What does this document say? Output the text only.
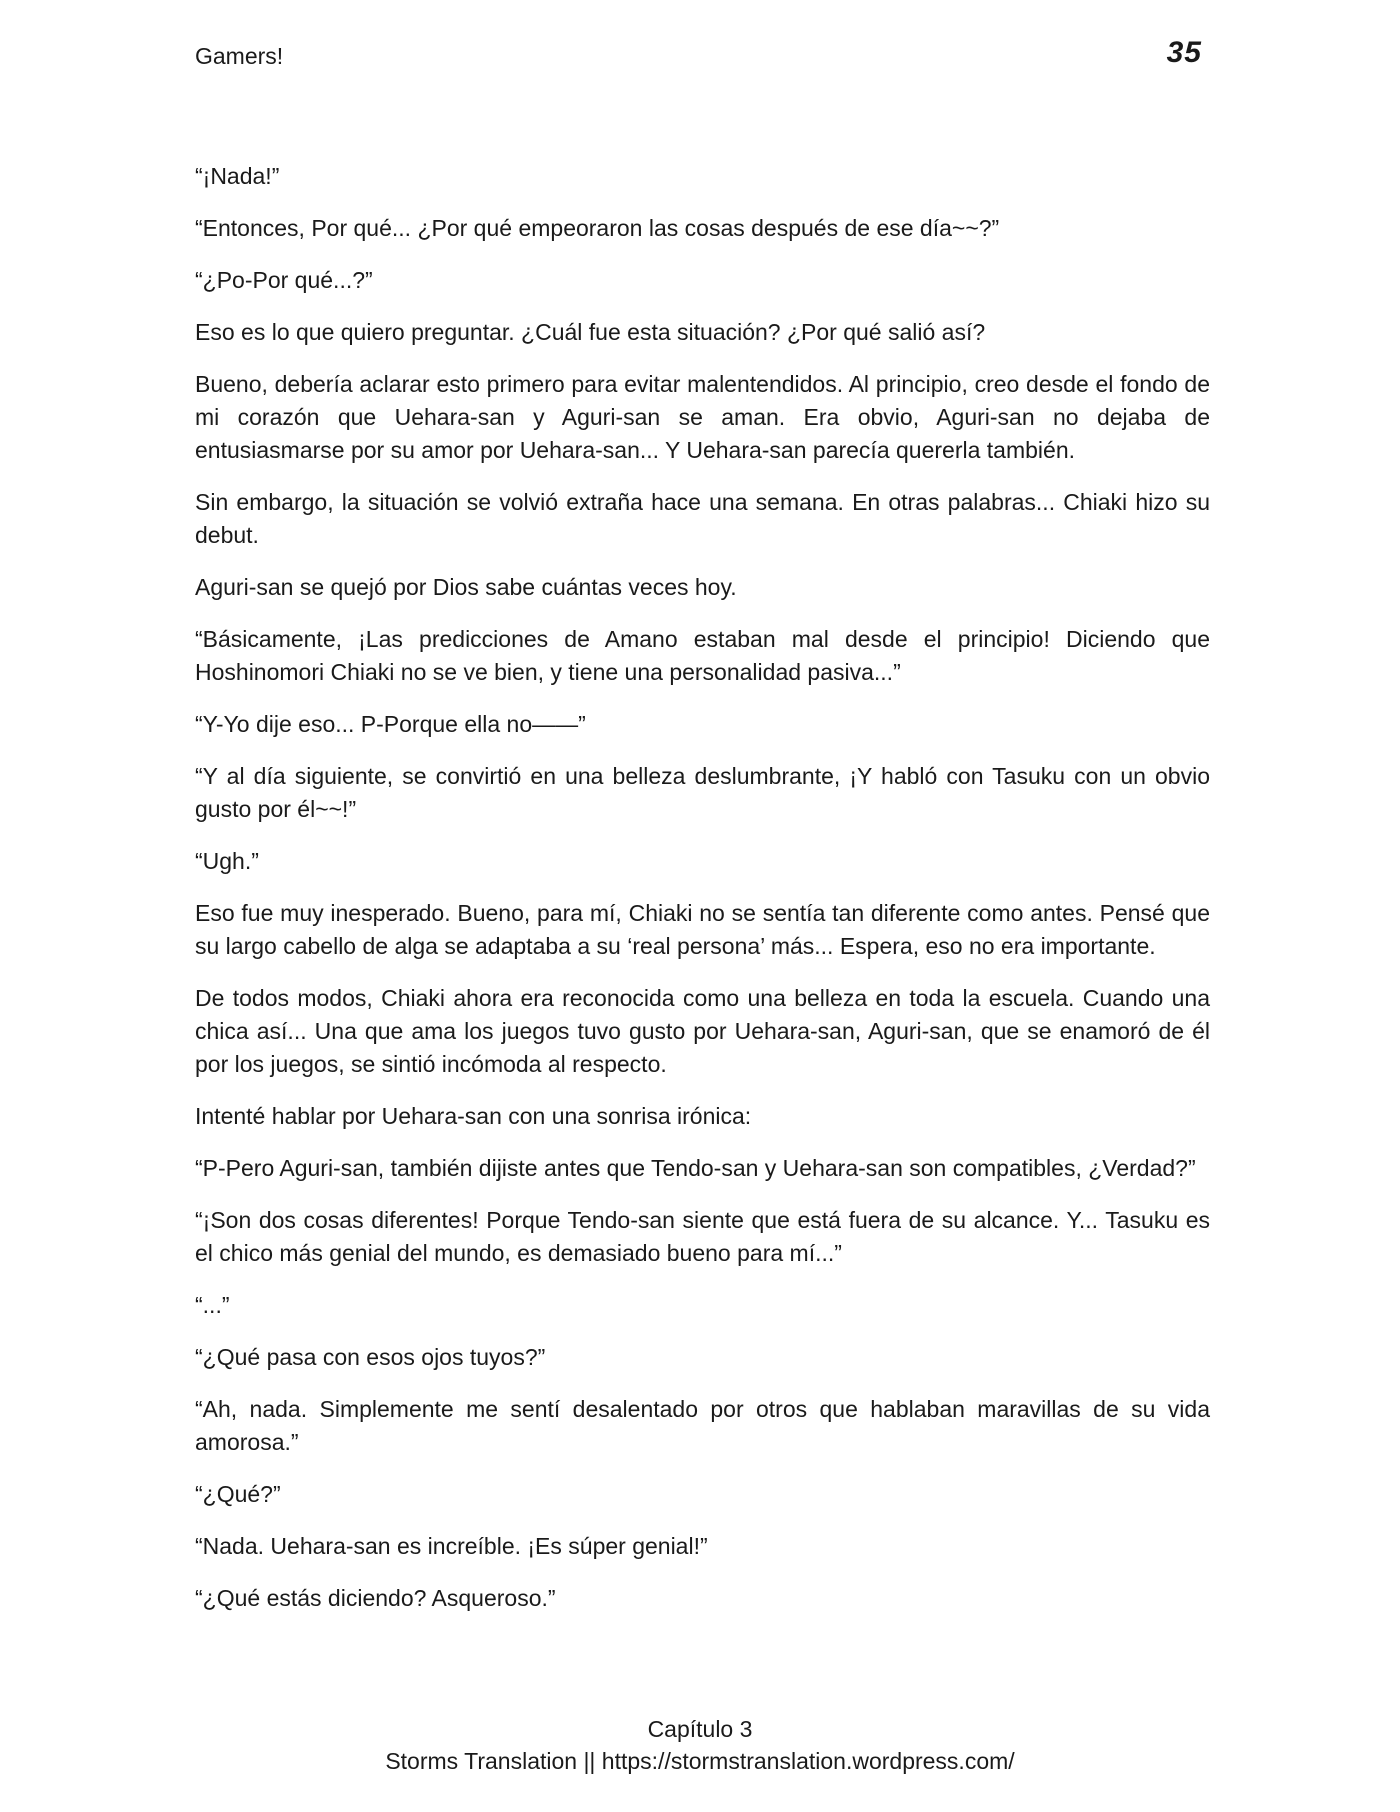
Gamers!	35

“¡Nada!”

“Entonces, Por qué... ¿Por qué empeoraron las cosas después de ese día~~?”

“¿Po-Por qué...?”

Eso es lo que quiero preguntar. ¿Cuál fue esta situación? ¿Por qué salió así?

Bueno, debería aclarar esto primero para evitar malentendidos. Al principio, creo desde el fondo de mi corazón que Uehara-san y Aguri-san se aman. Era obvio, Aguri-san no dejaba de entusiasmarse por su amor por Uehara-san... Y Uehara-san parecía quererla también.

Sin embargo, la situación se volvió extraña hace una semana. En otras palabras... Chiaki hizo su debut.

Aguri-san se quejó por Dios sabe cuántas veces hoy.

“Básicamente, ¡Las predicciones de Amano estaban mal desde el principio! Diciendo que Hoshinomori Chiaki no se ve bien, y tiene una personalidad pasiva...”

“Y-Yo dije eso... P-Porque ella no——”

“Y al día siguiente, se convirtió en una belleza deslumbrante, ¡Y habló con Tasuku con un obvio gusto por él~~!”

“Ugh.”

Eso fue muy inesperado. Bueno, para mí, Chiaki no se sentía tan diferente como antes. Pensé que su largo cabello de alga se adaptaba a su ‘real persona’ más... Espera, eso no era importante.

De todos modos, Chiaki ahora era reconocida como una belleza en toda la escuela. Cuando una chica así... Una que ama los juegos tuvo gusto por Uehara-san, Aguri-san, que se enamoró de él por los juegos, se sintió incómoda al respecto.

Intenté hablar por Uehara-san con una sonrisa irónica:

“P-Pero Aguri-san, también dijiste antes que Tendo-san y Uehara-san son compatibles, ¿Verdad?”

“¡Son dos cosas diferentes! Porque Tendo-san siente que está fuera de su alcance. Y... Tasuku es el chico más genial del mundo, es demasiado bueno para mí...”

“...”

“¿Qué pasa con esos ojos tuyos?”

“Ah, nada. Simplemente me sentí desalentado por otros que hablaban maravillas de su vida amorosa.”

“¿Qué?”

“Nada. Uehara-san es increíble. ¡Es súper genial!”

“¿Qué estás diciendo? Asqueroso.”

Capítulo 3
Storms Translation || https://stormstranslation.wordpress.com/
